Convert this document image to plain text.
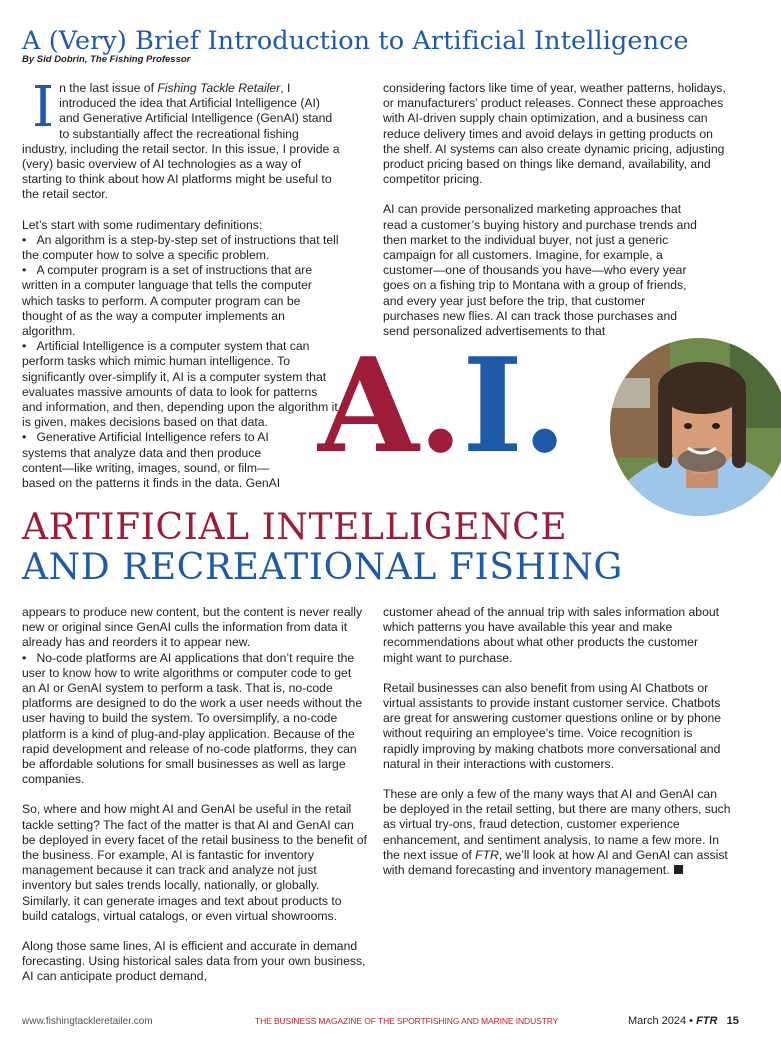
A (Very) Brief Introduction to Artificial Intelligence
By Sid Dobrin, The Fishing Professor

In the last issue of Fishing Tackle Retailer, I introduced the idea that Artificial Intelligence (AI) and Generative Artificial Intelligence (GenAI) stand to substantially affect the recreational fishing industry, including the retail sector. In this issue, I provide a (very) basic overview of AI technologies as a way of starting to think about how AI platforms might be useful to the retail sector.

Let’s start with some rudimentary definitions:
•   An algorithm is a step-by-step set of instructions that tell the computer how to solve a specific problem.
•   A computer program is a set of instructions that are written in a computer language that tells the computer which tasks to perform. A computer program can be thought of as the way a computer implements an algorithm.
•   Artificial Intelligence is a computer system that can perform tasks which mimic human intelligence. To significantly over-simplify it, AI is a computer system that evaluates massive amounts of data to look for patterns and information, and then, depending upon the algorithm it is given, makes decisions based on that data.
•   Generative Artificial Intelligence refers to AI systems that analyze data and then produce content—like writing, images, sound, or film—based on the patterns it finds in the data. GenAI

considering factors like time of year, weather patterns, holidays, or manufacturers’ product releases. Connect these approaches with AI-driven supply chain optimization, and a business can reduce delivery times and avoid delays in getting products on the shelf. AI systems can also create dynamic pricing, adjusting product pricing based on things like demand, availability, and competitor pricing.

AI can provide personalized marketing approaches that read a customer’s buying history and purchase trends and then market to the individual buyer, not just a generic campaign for all customers. Imagine, for example, a customer—one of thousands you have—who every year goes on a fishing trip to Montana with a group of friends, and every year just before the trip, that customer purchases new flies. AI can track those purchases and send personalized advertisements to that

A.I.
ARTIFICIAL INTELLIGENCE
AND RECREATIONAL FISHING
appears to produce new content, but the content is never really new or original since GenAI culls the information from data it already has and reorders it to appear new.
•   No-code platforms are AI applications that don’t require the user to know how to write algorithms or computer code to get an AI or GenAI system to perform a task. That is, no-code platforms are designed to do the work a user needs without the user having to build the system. To oversimplify, a no-code platform is a kind of plug-and-play application. Because of the rapid development and release of no-code platforms, they can be affordable solutions for small businesses as well as large companies.

So, where and how might AI and GenAI be useful in the retail tackle setting? The fact of the matter is that AI and GenAI can be deployed in every facet of the retail business to the benefit of the business. For example, AI is fantastic for inventory management because it can track and analyze not just inventory but sales trends locally, nationally, or globally. Similarly, it can generate images and text about products to build catalogs, virtual catalogs, or even virtual showrooms.

Along those same lines, AI is efficient and accurate in demand forecasting. Using historical sales data from your own business, AI can anticipate product demand,

customer ahead of the annual trip with sales information about which patterns you have available this year and make recommendations about what other products the customer might want to purchase.

Retail businesses can also benefit from using AI Chatbots or virtual assistants to provide instant customer service. Chatbots are great for answering customer questions online or by phone without requiring an employee’s time. Voice recognition is rapidly improving by making chatbots more conversational and natural in their interactions with customers.

These are only a few of the many ways that AI and GenAI can be deployed in the retail setting, but there are many others, such as virtual try-ons, fraud detection, customer experience enhancement, and sentiment analysis, to name a few more. In the next issue of FTR, we’ll look at how AI and GenAI can assist with demand forecasting and inventory management.

www.fishingtackleretailer.com	THE BUSINESS MAGAZINE OF THE SPORTFISHING AND MARINE INDUSTRY	March 2024 • FTR 15
